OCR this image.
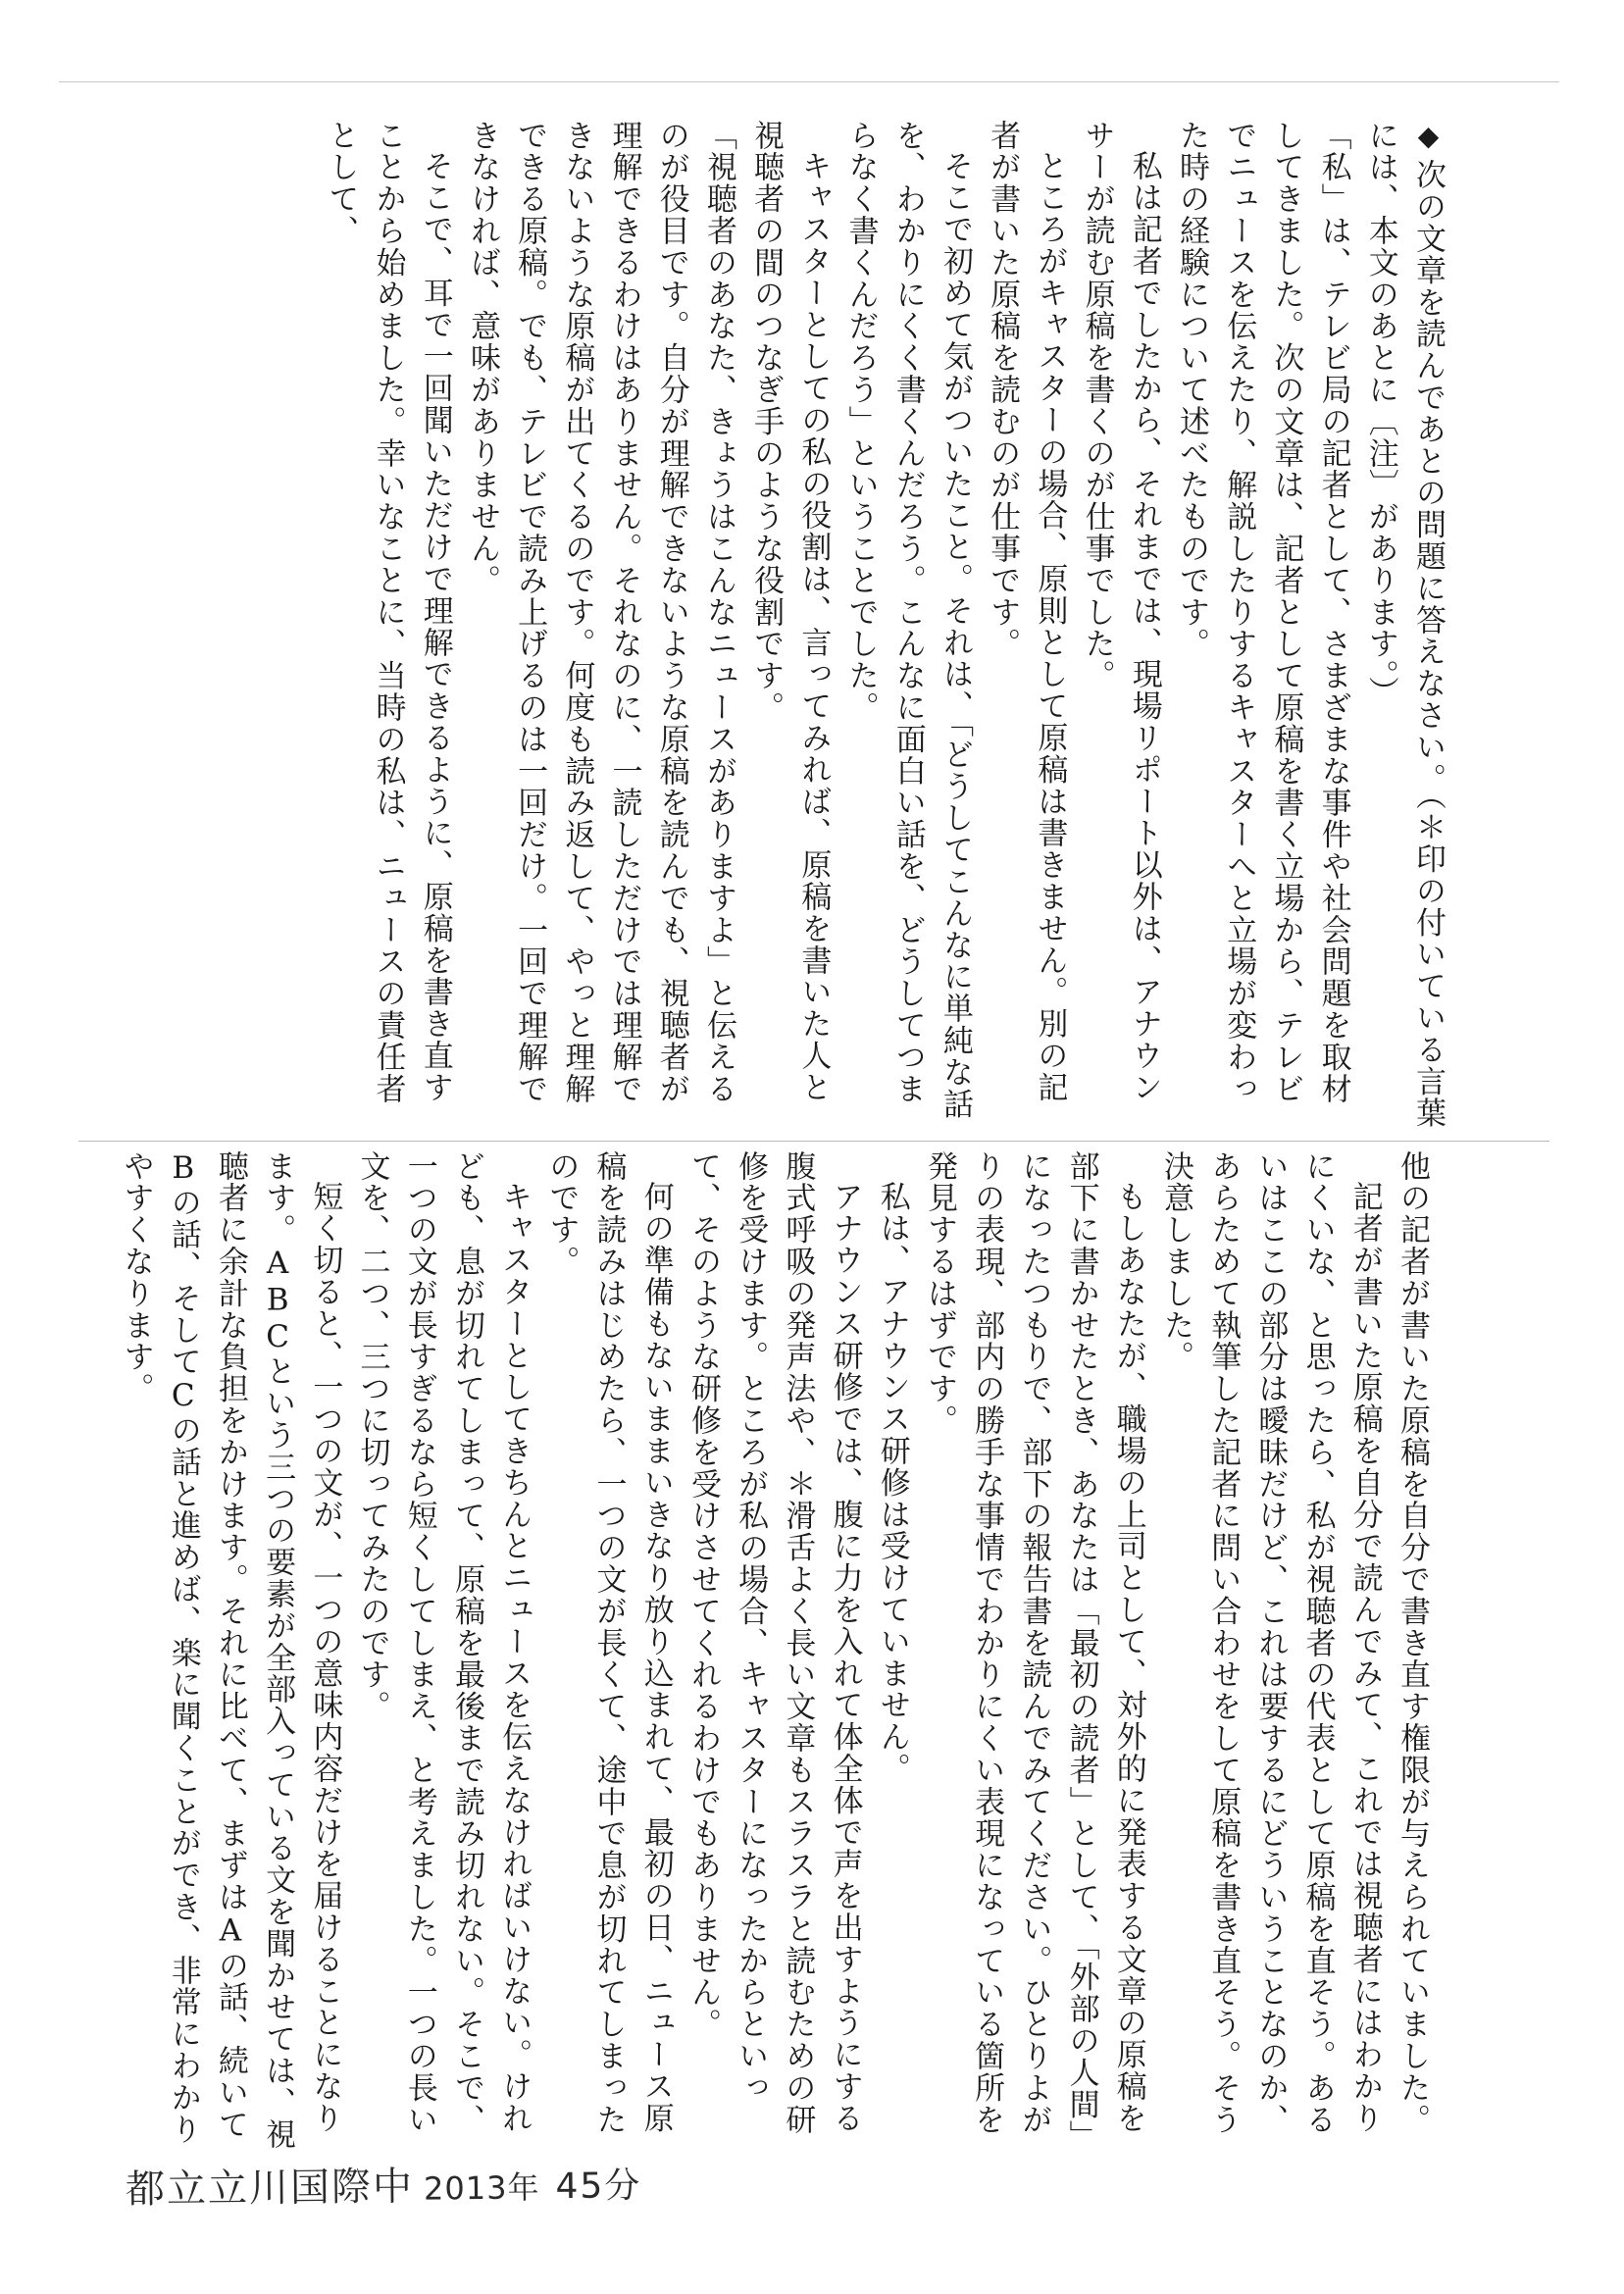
◆次の文章を読んであとの問題に答えなさい。（＊印の付いている言葉には、本文のあとに〔注〕があります。）

「私」は、テレビ局の記者として、さまざまな事件や社会問題を取材してきました。次の文章は、記者として原稿を書く立場から、テレビでニュースを伝えたり、解説したりするキャスターへと立場が変わった時の経験について述べたものです。

私は記者でしたから、それまでは、現場リポート以外は、アナウンサーが読む原稿を書くのが仕事でした。

ところがキャスターの場合、原則として原稿は書きません。別の記者が書いた原稿を読むのが仕事です。

そこで初めて気がついたこと。それは、「どうしてこんなに単純な話を、わかりにくく書くんだろう。こんなに面白い話を、どうしてつまらなく書くんだろう」ということでした。

キャスターとしての私の役割は、言ってみれば、原稿を書いた人と視聴者の間のつなぎ手のような役割です。

「視聴者のあなた、きょうはこんなニュースがありますよ」と伝えるのが役目です。自分が理解できないような原稿を読んでも、視聴者が理解できるわけはありません。それなのに、一読しただけでは理解できないような原稿が出てくるのです。何度も読み返して、やっと理解できる原稿。でも、テレビで読み上げるのは一回だけ。一回で理解できなければ、意味がありません。

そこで、耳で一回聞いただけで理解できるように、原稿を書き直すことから始めました。幸いなことに、当時の私は、ニュースの責任者として、

他の記者が書いた原稿を自分で書き直す権限が与えられていました。

記者が書いた原稿を自分で読んでみて、これでは視聴者にはわかりにくいな、と思ったら、私が視聴者の代表として原稿を直そう。あるいはここの部分は曖昧だけど、これは要するにどういうことなのか、あらためて執筆した記者に問い合わせをして原稿を書き直そう。そう決意しました。

もしあなたが、職場の上司として、対外的に発表する文章の原稿を部下に書かせたとき、あなたは「最初の読者」として、「外部の人間」になったつもりで、部下の報告書を読んでみてください。ひとりよがりの表現、部内の勝手な事情でわかりにくい表現になっている箇所を発見するはずです。

私は、アナウンス研修は受けていません。

アナウンス研修では、腹に力を入れて体全体で声を出すようにする腹式呼吸の発声法や、＊滑舌よく長い文章もスラスラと読むための研修を受けます。ところが私の場合、キャスターになったからといって、そのような研修を受けさせてくれるわけでもありません。

何の準備もないままいきなり放り込まれて、最初の日、ニュース原稿を読みはじめたら、一つの文が長くて、途中で息が切れてしまったのです。

キャスターとしてきちんとニュースを伝えなければいけない。けれども、息が切れてしまって、原稿を最後まで読み切れない。そこで、一つの文が長すぎるなら短くしてしまえ、と考えました。一つの長い文を、二つ、三つに切ってみたのです。

短く切ると、一つの文が、一つの意味内容だけを届けることになります。ABCという三つの要素が全部入っている文を聞かせては、視聴者に余計な負担をかけます。それに比べて、まずはAの話、続いてBの話、そしてCの話と進めば、楽に聞くことができ、非常にわかりやすくなります。

都立立川国際中 2013年 45分
